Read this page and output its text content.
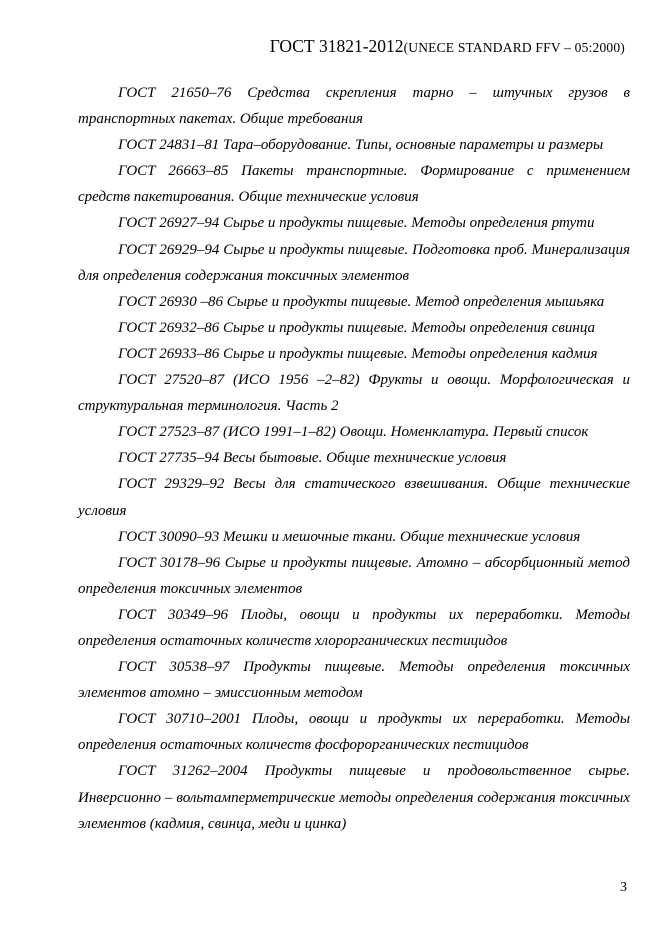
ГОСТ 31821-2012(UNECE STANDARD FFV – 05:2000)

ГОСТ 21650–76 Средства скрепления тарно – штучных грузов в транспортных пакетах. Общие требования

ГОСТ 24831–81 Тара–оборудование. Типы, основные параметры и размеры

ГОСТ 26663–85 Пакеты транспортные. Формирование с применением средств пакетирования. Общие технические условия

ГОСТ 26927–94 Сырье и продукты пищевые. Методы определения ртути

ГОСТ 26929–94 Сырье и продукты пищевые. Подготовка проб. Минерализация для определения содержания токсичных элементов

ГОСТ 26930 –86 Сырье и продукты пищевые. Метод определения мышьяка

ГОСТ 26932–86 Сырье и продукты пищевые. Методы определения свинца

ГОСТ 26933–86 Сырье и продукты пищевые. Методы определения кадмия

ГОСТ 27520–87 (ИСО 1956 –2–82) Фрукты и овощи. Морфологическая и структуральная терминология. Часть 2

ГОСТ 27523–87 (ИСО 1991–1–82) Овощи. Номенклатура. Первый список

ГОСТ 27735–94 Весы бытовые. Общие технические условия

ГОСТ 29329–92 Весы для статического взвешивания. Общие технические условия

ГОСТ 30090–93 Мешки и мешочные ткани. Общие технические условия

ГОСТ 30178–96 Сырье и продукты пищевые. Атомно – абсорбционный метод определения токсичных элементов

ГОСТ 30349–96 Плоды, овощи и продукты их переработки. Методы определения остаточных количеств хлорорганических пестицидов

ГОСТ 30538–97 Продукты пищевые. Методы определения токсичных элементов атомно – эмиссионным методом

ГОСТ 30710–2001 Плоды, овощи и продукты их переработки. Методы определения остаточных количеств фосфорорганических пестицидов

ГОСТ 31262–2004 Продукты пищевые и продовольственное сырье. Инверсионно – вольтамперметрические методы определения содержания токсичных элементов (кадмия, свинца, меди и цинка)

3
